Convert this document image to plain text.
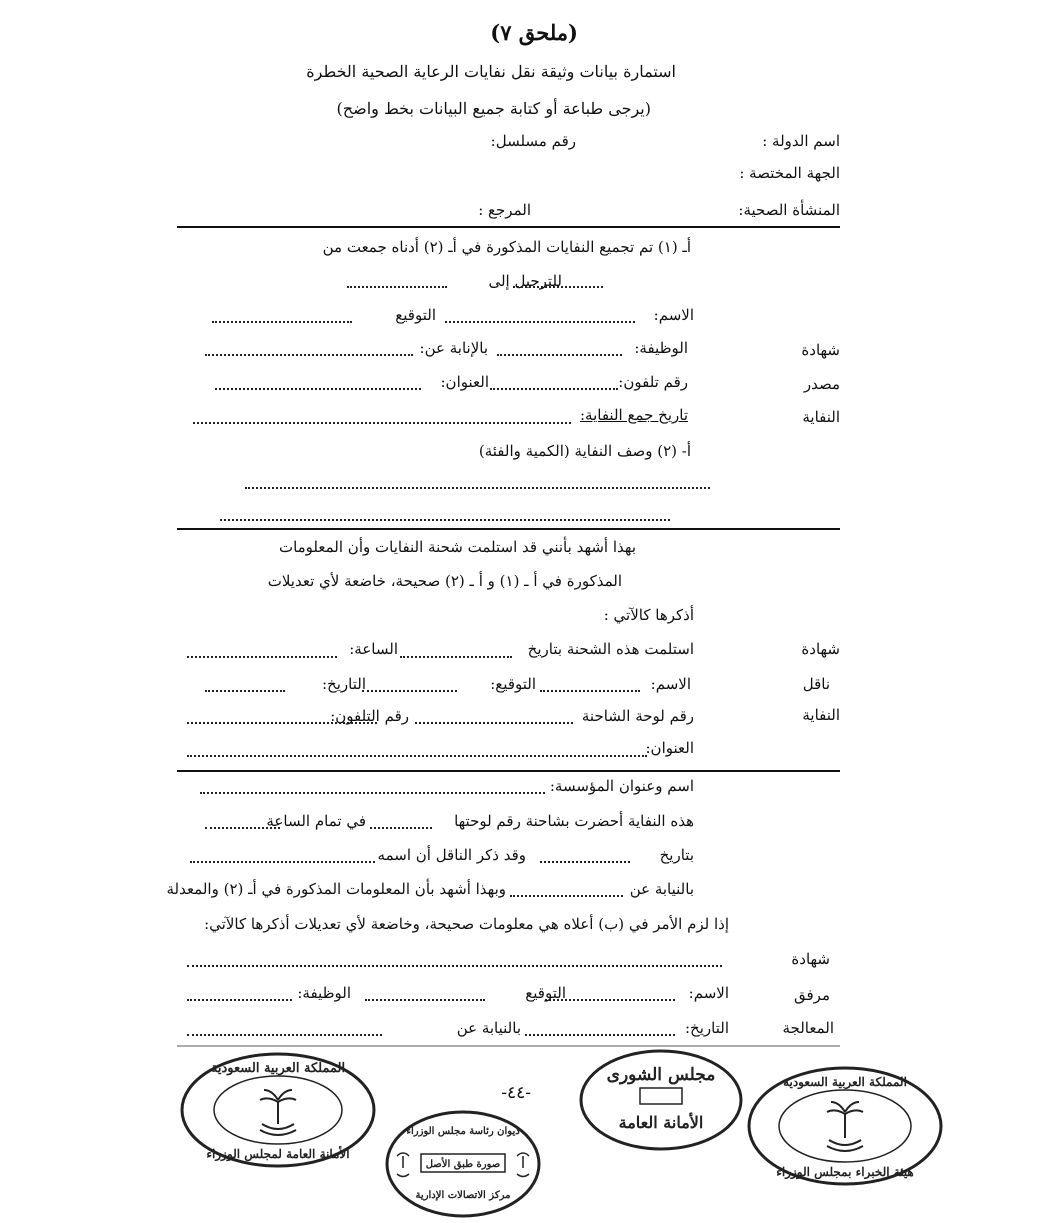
(ملحق ٧)
استمارة بيانات وثيقة نقل نفايات الرعاية الصحية الخطرة
(يرجى طباعة أو كتابة جميع البيانات بخط واضح)
اسم الدولة :
رقم مسلسل:
الجهة المختصة :
المنشأة الصحية:
المرجع :
شهادة
مصدر
النفاية
أـ (١) تم تجميع النفايات المذكورة في أـ (٢) أدناه جمعت من
للترحيل إلى
الاسم:
التوقيع
الوظيفة:
بالإنابة عن:
رقم تلفون:
العنوان:
تاريخ جمع النفاية:
أ- (٢) وصف النفاية (الكمية والفئة)
شهادة
ناقل
النفاية
بهذا أشهد بأنني قد استلمت شحنة النفايات وأن المعلومات
المذكورة في أ ـ (١) و أ ـ (٢) صحيحة، خاضعة لأي تعديلات
أذكرها كالآتي :
استلمت هذه الشحنة بتاريخ
الساعة:
الاسم:
التوقيع:
التاريخ:
رقم لوحة الشاحنة
رقم التلفون:
العنوان:
شهادة
مرفق
المعالجة
اسم وعنوان المؤسسة:
هذه النفاية أحضرت بشاحنة رقم لوحتها
في تمام الساعة
بتاريخ
وقد ذكر الناقل أن اسمه
بالنيابة عن
وبهذا أشهد بأن المعلومات المذكورة في أـ (٢) والمعدلة
إذا لزم الأمر في (ب) أعلاه هي معلومات صحيحة، وخاضعة لأي تعديلات أذكرها كالآتي:
الاسم:
التوقيع
الوظيفة:
التاريخ:
بالنيابة عن
-٤٤-
المملكة العربية السعودية
الأمانة العامة لمجلس الوزراء
ديوان رئاسة مجلس الوزراء
صورة طبق الأصل
مركز الاتصالات الإدارية
مجلس الشورى
الأمانة العامة
المملكة العربية السعودية
هيئة الخبراء بمجلس الوزراء
